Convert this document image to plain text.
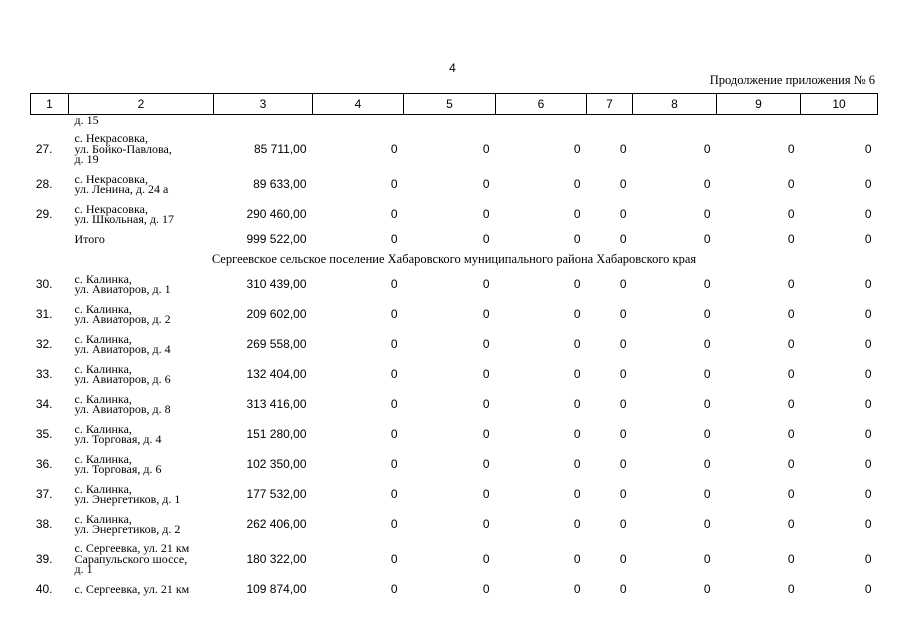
4
Продолжение приложения № 6
1	2	3	4	5	6	7	8	9	10
	д. 15								
27.	с. Некрасовка,
ул. Бойко-Павлова,
д. 19	85 711,00	0	0	0	0	0	0	0
28.	с. Некрасовка,
ул. Ленина, д. 24 а	89 633,00	0	0	0	0	0	0	0
29.	с. Некрасовка,
ул. Школьная, д. 17	290 460,00	0	0	0	0	0	0	0
	Итого	999 522,00	0	0	0	0	0	0	0
Сергеевское сельское поселение Хабаровского муниципального района Хабаровского края									
30.	с. Калинка,
ул. Авиаторов, д. 1	310 439,00	0	0	0	0	0	0	0
31.	с. Калинка,
ул. Авиаторов, д. 2	209 602,00	0	0	0	0	0	0	0
32.	с. Калинка,
ул. Авиаторов, д. 4	269 558,00	0	0	0	0	0	0	0
33.	с. Калинка,
ул. Авиаторов, д. 6	132 404,00	0	0	0	0	0	0	0
34.	с. Калинка,
ул. Авиаторов, д. 8	313 416,00	0	0	0	0	0	0	0
35.	с. Калинка,
ул. Торговая, д. 4	151 280,00	0	0	0	0	0	0	0
36.	с. Калинка,
ул. Торговая, д. 6	102 350,00	0	0	0	0	0	0	0
37.	с. Калинка,
ул. Энергетиков, д. 1	177 532,00	0	0	0	0	0	0	0
38.	с. Калинка,
ул. Энергетиков, д. 2	262 406,00	0	0	0	0	0	0	0
39.	с. Сергеевка, ул. 21 км
Сарапульского шоссе,
д. 1	180 322,00	0	0	0	0	0	0	0
40.	с. Сергеевка, ул. 21 км	109 874,00	0	0	0	0	0	0	0
